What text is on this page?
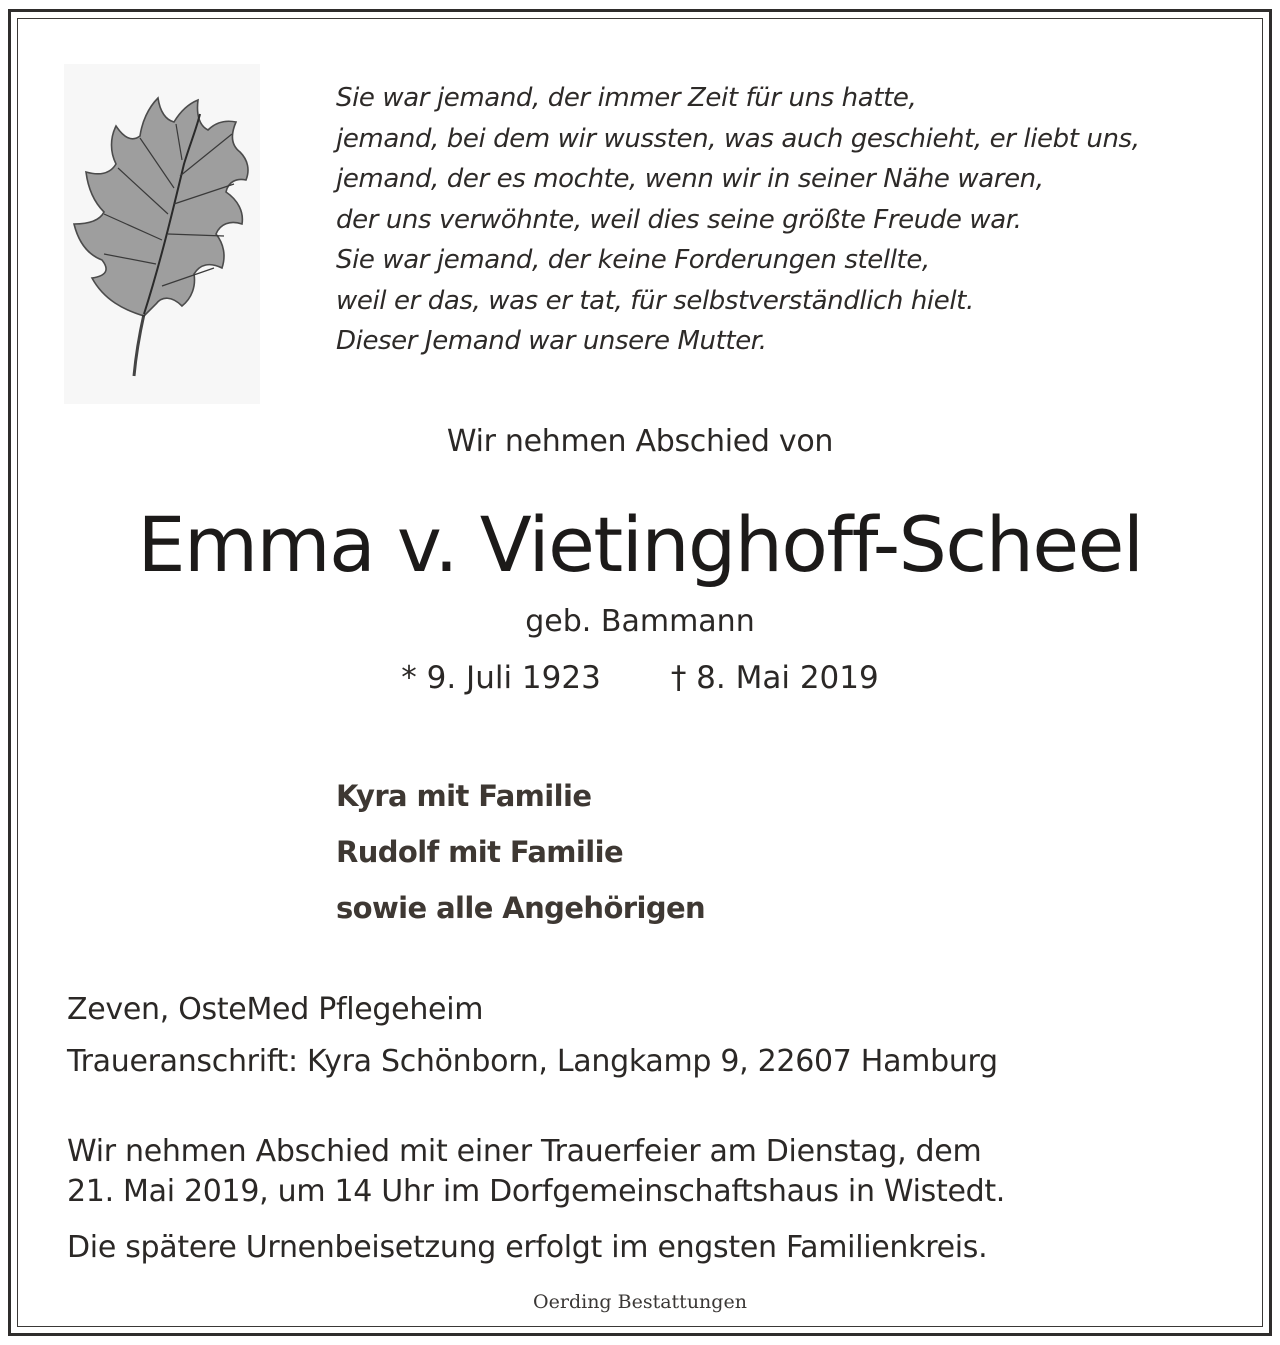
Sie war jemand, der immer Zeit für uns hatte,
jemand, bei dem wir wussten, was auch geschieht, er liebt uns,
jemand, der es mochte, wenn wir in seiner Nähe waren,
der uns verwöhnte, weil dies seine größte Freude war.
Sie war jemand, der keine Forderungen stellte,
weil er das, was er tat, für selbstverständlich hielt.
Dieser Jemand war unsere Mutter.
Wir nehmen Abschied von
Emma v. Vietinghoff-Scheel
geb. Bammann
* 9. Juli 1923 † 8. Mai 2019
Kyra mit Familie
Rudolf mit Familie
sowie alle Angehörigen
Zeven, OsteMed Pflegeheim
Traueranschrift: Kyra Schönborn, Langkamp 9, 22607 Hamburg
Wir nehmen Abschied mit einer Trauerfeier am Dienstag, dem
21. Mai 2019, um 14 Uhr im Dorfgemeinschaftshaus in Wistedt.
Die spätere Urnenbeisetzung erfolgt im engsten Familienkreis.
Oerding Bestattungen
